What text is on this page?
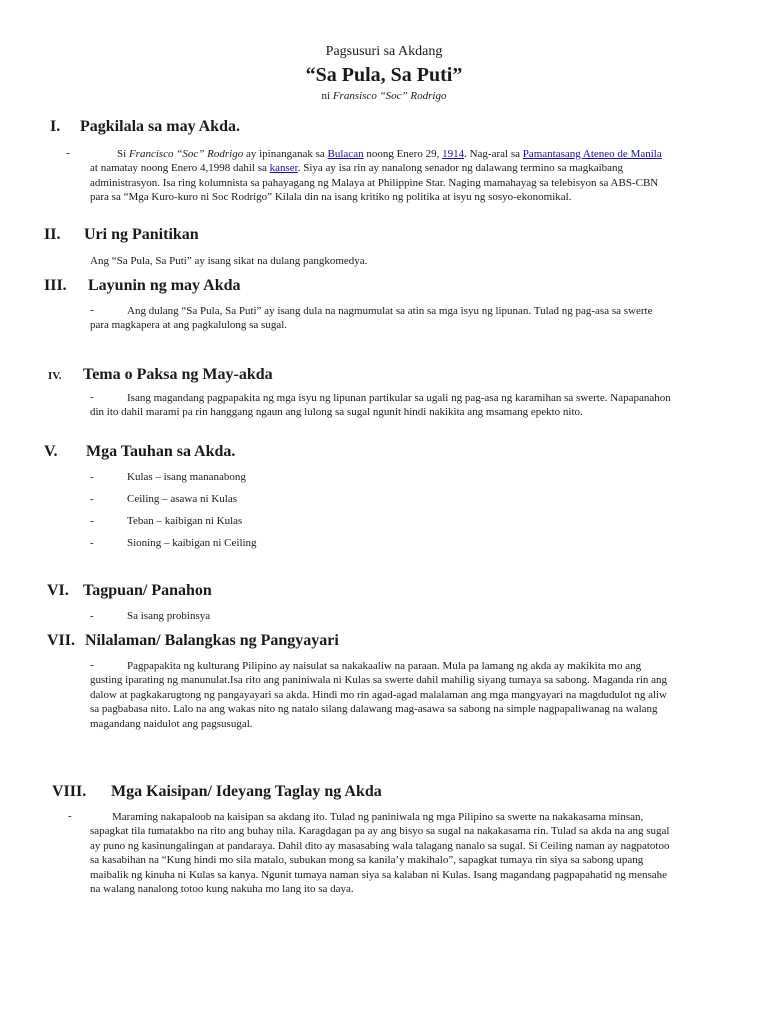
Pagsusuri sa Akdang
“Sa Pula, Sa Puti”
ni Fransisco “Soc” Rodrigo
I. Pagkilala sa may Akda.
-	Si Francisco “Soc” Rodrigo ay ipinanganak sa Bulacan noong Enero 29, 1914. Nag-aral sa Pamantasang Ateneo de Manila at namatay noong Enero 4,1998 dahil sa kanser. Siya ay isa rin ay nanalong senador ng dalawang termino sa magkaibang administrasyon. Isa ring kolumnista sa pahayagang ng Malaya at Philippine Star. Naging mamahayag sa telebisyon sa ABS-CBN para sa “Mga Kuro-kuro ni Soc Rodrigo” Kilala din na isang kritiko ng politika at isyu ng sosyo-ekonomikal.
II. Uri ng Panitikan
Ang “Sa Pula, Sa Puti” ay isang sikat na dulang pangkomedya.
III. Layunin ng may Akda
-	Ang dulang “Sa Pula, Sa Puti” ay isang dula na nagmumulat sa atin sa mga isyu ng lipunan. Tulad ng pag-asa sa swerte para magkapera at ang pagkalulong sa sugal.
IV. Tema o Paksa ng May-akda
-	Isang magandang pagpapakita ng mga isyu ng lipunan partikular sa ugali ng pag-asa ng karamihan sa swerte. Napapanahon din ito dahil marami pa rin hanggang ngaun ang lulong sa sugal ngunit hindi nakikita ang msamang epekto nito.
V. Mga Tauhan sa Akda.
-	Kulas – isang mananabong
-	Ceiling – asawa ni Kulas
-	Teban – kaibigan ni Kulas
-	Sioning – kaibigan ni Ceiling
VI. Tagpuan/ Panahon
-	Sa isang probinsya
VII. Nilalaman/ Balangkas ng Pangyayari
-	Pagpapakita ng kulturang Pilipino ay naisulat sa nakakaaliw na paraan. Mula pa lamang ng akda ay makikita mo ang gusting iparating ng manunulat.Isa rito ang paniniwala ni Kulas sa swerte dahil mahilig siyang tumaya sa sabong. Maganda rin ang dalow at pagkakarugtong ng pangayayari sa akda. Hindi mo rin agad-agad malalaman ang mga mangyayari na magdudulot ng aliw sa pagbabasa nito. Lalo na ang wakas nito ng natalo silang dalawang mag-asawa sa sabong na simple nagpapaliwanag na walang magandang naidulot ang pagsusugal.
VIII. Mga Kaisipan/ Ideyang Taglay ng Akda
-	Maraming nakapaloob na kaisipan sa akdang ito. Tulad ng paniniwala ng mga Pilipino sa swerte na nakakasama minsan, sapagkat tila tumatakbo na rito ang buhay nila. Karagdagan pa ay ang bisyo sa sugal na nakakasama rin. Tulad sa akda na ang sugal ay puno ng kasinungalingan at pandaraya. Dahil dito ay masasabing wala talagang nanalo sa sugal. Si Ceiling naman ay nagpatotoo sa kasabihan na “Kung hindi mo sila matalo, subukan mong sa kanila’y makihalo”, sapagkat tumaya rin siya sa sabong upang maibalik ng kinuha ni Kulas sa kanya. Ngunit tumaya naman siya sa kalaban ni Kulas. Isang magandang pagpapahatid ng mensahe na walang nanalong totoo kung nakuha mo lang ito sa daya.
